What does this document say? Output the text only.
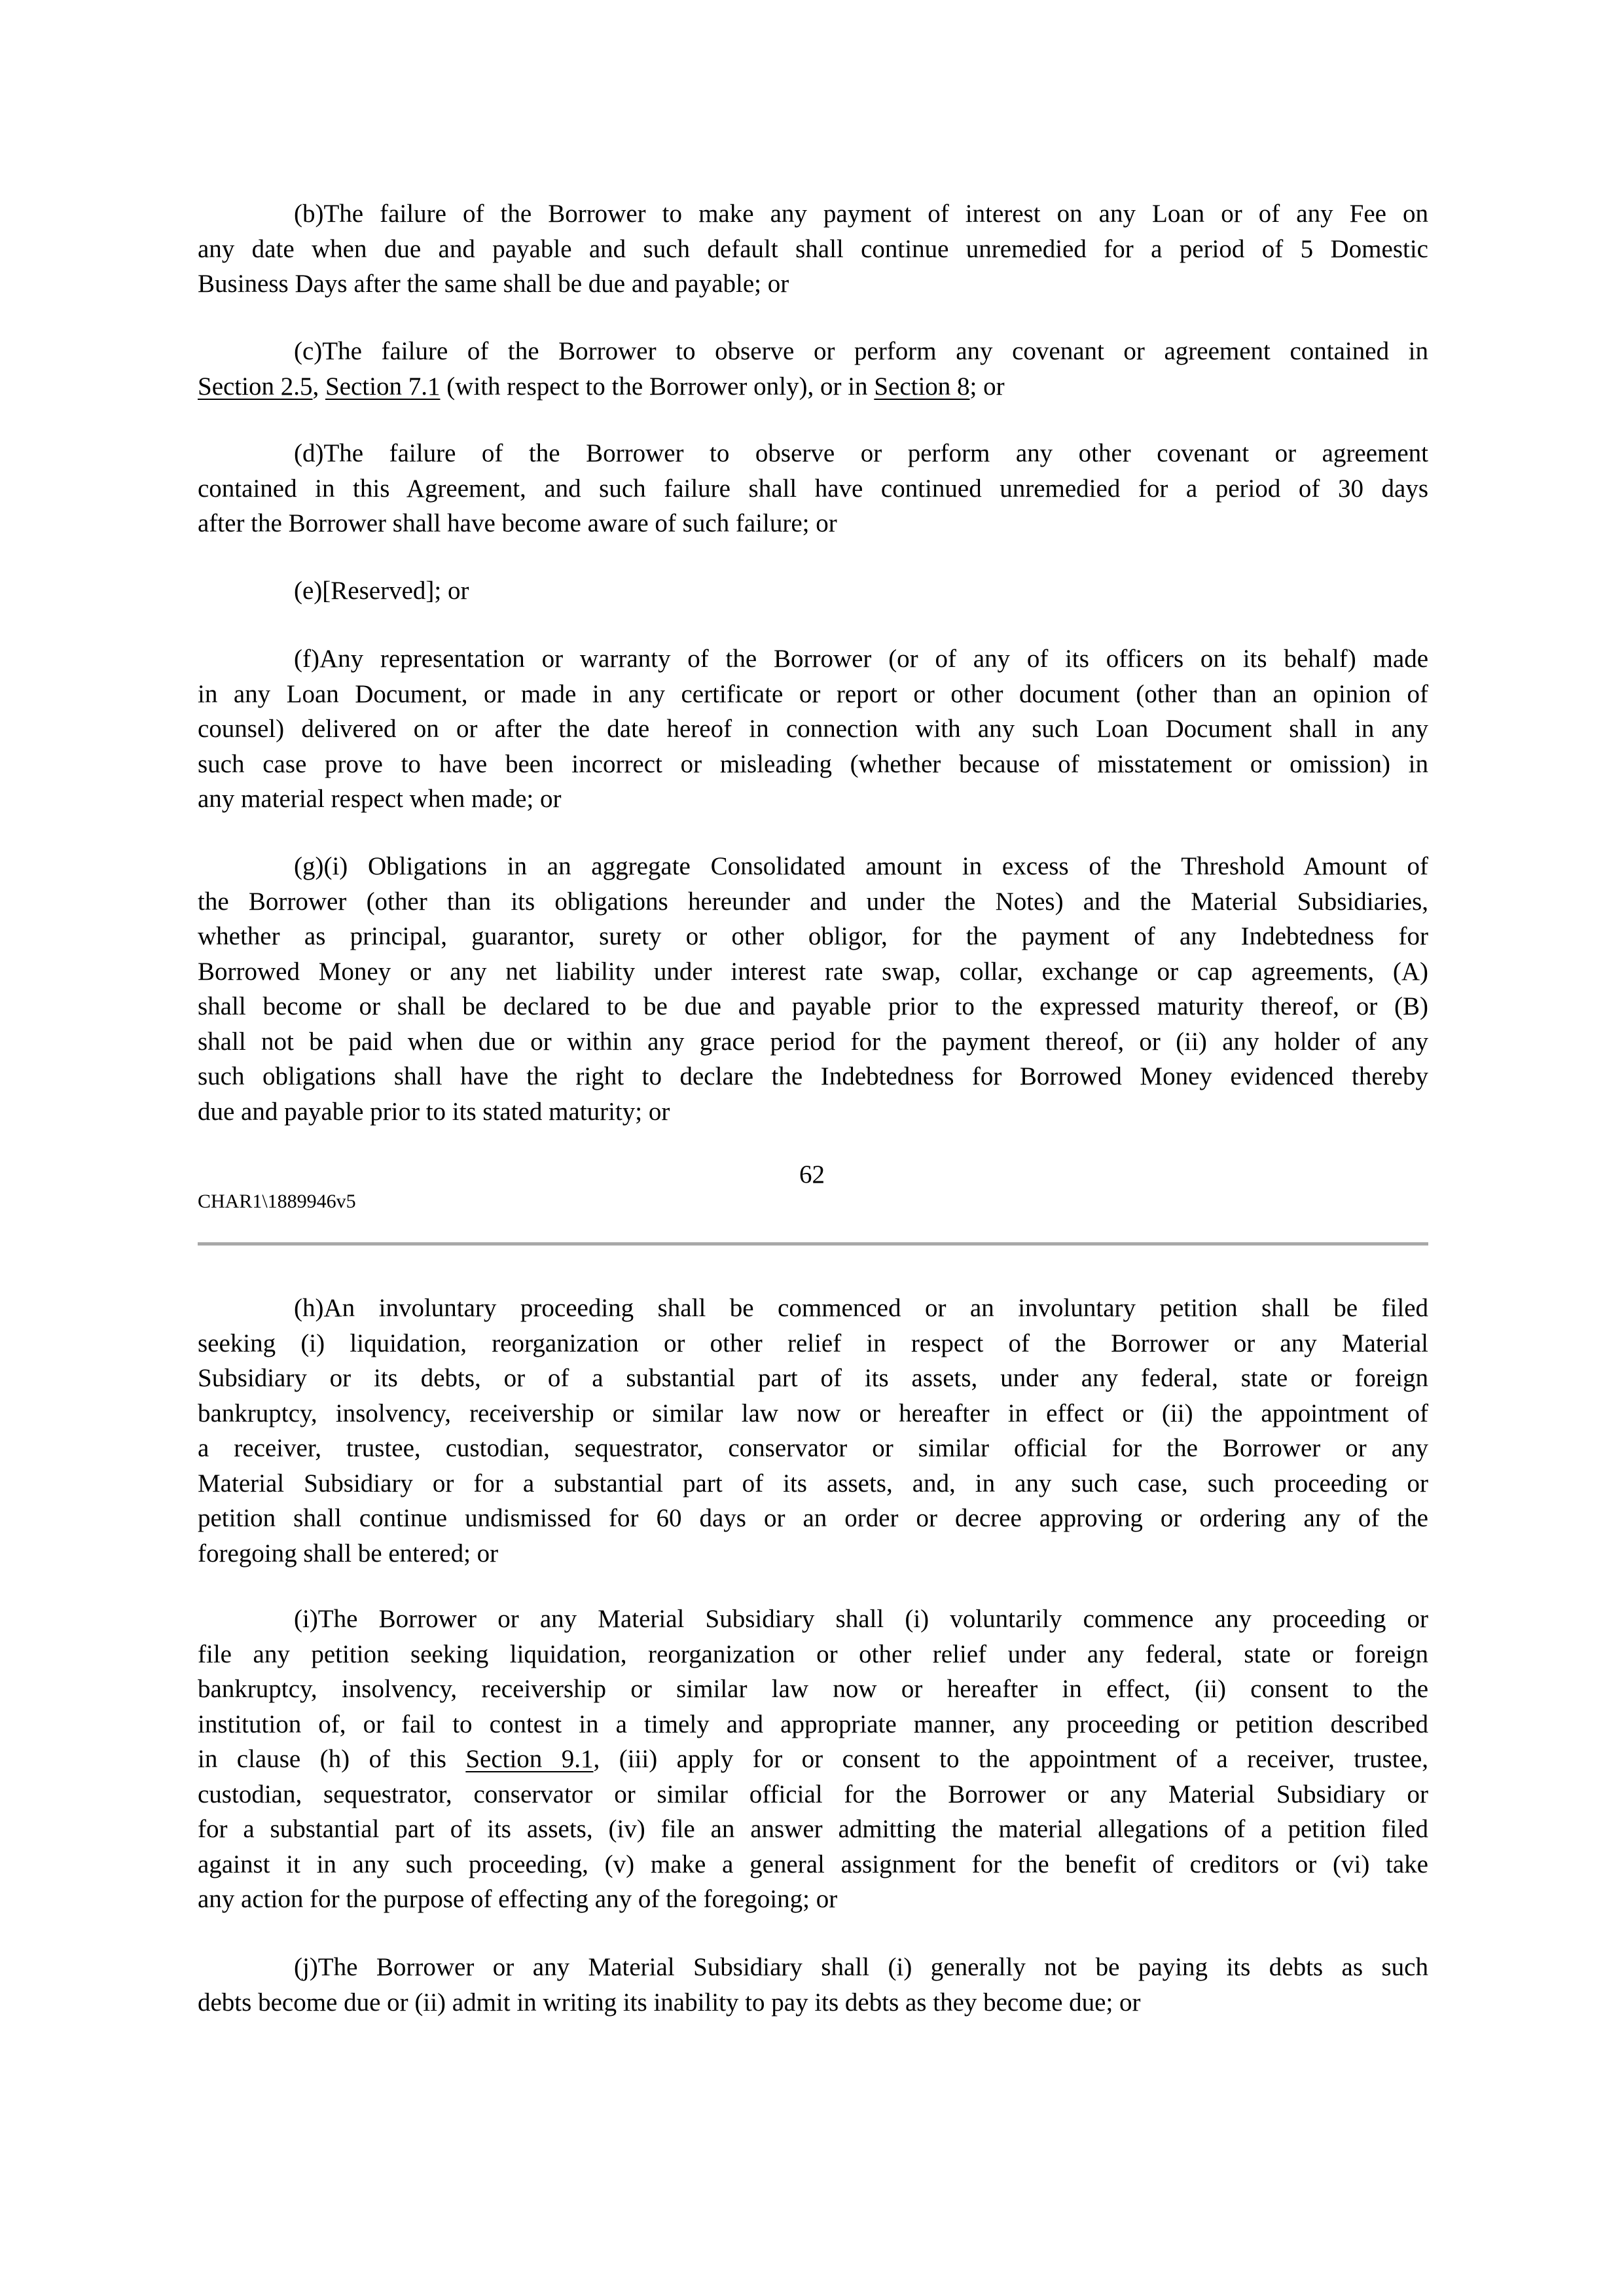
(b)The failure of the Borrower to make any payment of interest on any Loan or of any Fee on
any date when due and payable and such default shall continue unremedied for a period of 5 Domestic
Business Days after the same shall be due and payable; or
(c)The failure of the Borrower to observe or perform any covenant or agreement contained in
Section 2.5, Section 7.1 (with respect to the Borrower only), or in Section 8; or
(d)The failure of the Borrower to observe or perform any other covenant or agreement
contained in this Agreement, and such failure shall have continued unremedied for a period of 30 days
after the Borrower shall have become aware of such failure; or
(e)[Reserved]; or
(f)Any representation or warranty of the Borrower (or of any of its officers on its behalf) made
in any Loan Document, or made in any certificate or report or other document (other than an opinion of
counsel) delivered on or after the date hereof in connection with any such Loan Document shall in any
such case prove to have been incorrect or misleading (whether because of misstatement or omission) in
any material respect when made; or
(g)(i) Obligations in an aggregate Consolidated amount in excess of the Threshold Amount of
the Borrower (other than its obligations hereunder and under the Notes) and the Material Subsidiaries,
whether as principal, guarantor, surety or other obligor, for the payment of any Indebtedness for
Borrowed Money or any net liability under interest rate swap, collar, exchange or cap agreements, (A)
shall become or shall be declared to be due and payable prior to the expressed maturity thereof, or (B)
shall not be paid when due or within any grace period for the payment thereof, or (ii) any holder of any
such obligations shall have the right to declare the Indebtedness for Borrowed Money evidenced thereby
due and payable prior to its stated maturity; or
62
CHAR1\1889946v5
(h)An involuntary proceeding shall be commenced or an involuntary petition shall be filed
seeking (i) liquidation, reorganization or other relief in respect of the Borrower or any Material
Subsidiary or its debts, or of a substantial part of its assets, under any federal, state or foreign
bankruptcy, insolvency, receivership or similar law now or hereafter in effect or (ii) the appointment of
a receiver, trustee, custodian, sequestrator, conservator or similar official for the Borrower or any
Material Subsidiary or for a substantial part of its assets, and, in any such case, such proceeding or
petition shall continue undismissed for 60 days or an order or decree approving or ordering any of the
foregoing shall be entered; or
(i)The Borrower or any Material Subsidiary shall (i) voluntarily commence any proceeding or
file any petition seeking liquidation, reorganization or other relief under any federal, state or foreign
bankruptcy, insolvency, receivership or similar law now or hereafter in effect, (ii) consent to the
institution of, or fail to contest in a timely and appropriate manner, any proceeding or petition described
in clause (h) of this Section 9.1, (iii) apply for or consent to the appointment of a receiver, trustee,
custodian, sequestrator, conservator or similar official for the Borrower or any Material Subsidiary or
for a substantial part of its assets, (iv) file an answer admitting the material allegations of a petition filed
against it in any such proceeding, (v) make a general assignment for the benefit of creditors or (vi) take
any action for the purpose of effecting any of the foregoing; or
(j)The Borrower or any Material Subsidiary shall (i) generally not be paying its debts as such
debts become due or (ii) admit in writing its inability to pay its debts as they become due; or
